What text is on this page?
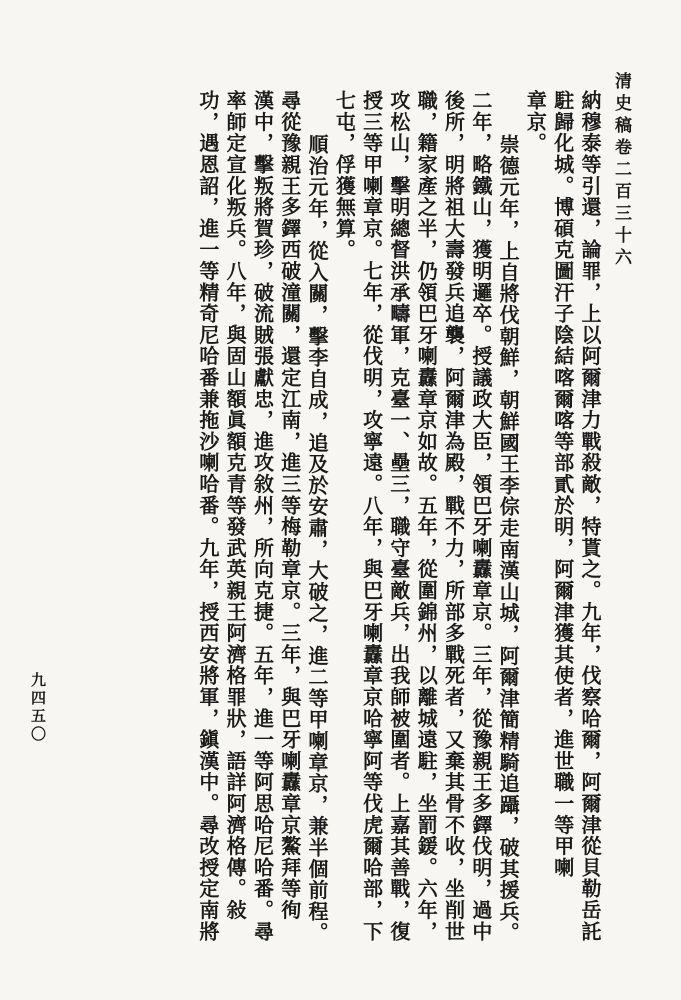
清史稿卷二百三十六
九四五〇	納穆泰等引還，論罪，上以阿爾津力戰殺敵，特貰之。九年，伐察哈爾，阿爾津從貝勒岳託

駐歸化城。博碩克圖汗子陰結喀爾喀等部貳於明，阿爾津獲其使者，進世職一等甲喇

章京。

崇德元年，上自將伐朝鮮，朝鮮國王李倧走南漢山城，阿爾津簡精騎追躡，破其援兵。

二年，略鐵山，獲明邏卒。授議政大臣，領巴牙喇纛章京。三年，從豫親王多鐸伐明，過中

後所，明將祖大壽發兵追襲，阿爾津為殿，戰不力，所部多戰死者，又棄其骨不收，坐削世

職，籍家產之半，仍領巴牙喇纛章京如故。五年，從圍錦州，以離城遠駐，坐罰鍰。六年，

攻松山，擊明總督洪承疇軍，克臺一、壘三，職守臺敵兵，出我師被圍者。上嘉其善戰，復

授三等甲喇章京。七年，從伐明，攻寧遠。八年，與巴牙喇纛章京哈寧阿等伐虎爾哈部，下

七屯，俘獲無算。

順治元年，從入關，擊李自成，追及於安肅，大破之，進二等甲喇章京，兼半個前程。

尋從豫親王多鐸西破潼關，還定江南，進三等梅勒章京。三年，與巴牙喇纛章京鰲拜等徇

漢中，擊叛將賀珍，破流賊張獻忠，進攻敘州，所向克捷。五年，進一等阿思哈尼哈番。尋

率師定宣化叛兵。八年，與固山額眞額克青等發武英親王阿濟格罪狀，語詳阿濟格傳。敍

功，遇恩詔，進一等精奇尼哈番兼拖沙喇哈番。九年，授西安將軍，鎭漢中。尋改授定南將
